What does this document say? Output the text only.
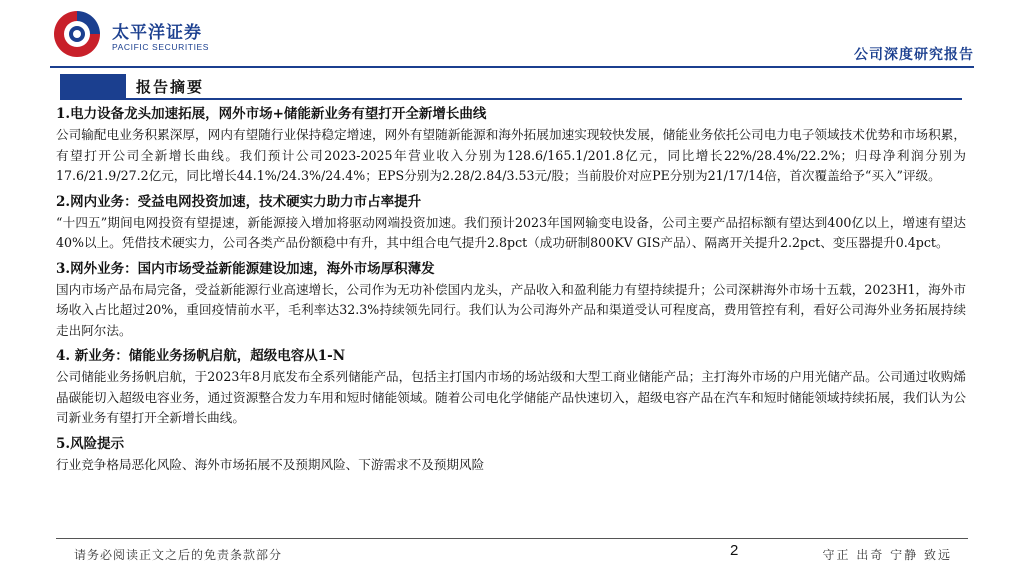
太平洋证券
PACIFIC SECURITIES	公司深度研究报告
报告摘要

1.电力设备龙头加速拓展，网外市场+储能新业务有望打开全新增长曲线

公司输配电业务积累深厚，网内有望随行业保持稳定增速，网外有望随新能源和海外拓展加速实现较快发展，储能业务依托公司电力电子领域技术优势和市场积累，有望打开公司全新增长曲线。我们预计公司2023-2025年营业收入分别为128.6/165.1/201.8亿元，同比增长22%/28.4%/22.2%；归母净利润分别为17.6/21.9/27.2亿元，同比增长44.1%/24.3%/24.4%；EPS分别为2.28/2.84/3.53元/股；当前股价对应PE分别为21/17/14倍，首次覆盖给予“买入”评级。

2.网内业务：受益电网投资加速，技术硬实力助力市占率提升

“十四五”期间电网投资有望提速，新能源接入增加将驱动网端投资加速。我们预计2023年国网输变电设备，公司主要产品招标额有望达到400亿以上，增速有望达40%以上。凭借技术硬实力，公司各类产品份额稳中有升，其中组合电气提升2.8pct（成功研制800KV GIS产品）、隔离开关提升2.2pct、变压器提升0.4pct。

3.网外业务：国内市场受益新能源建设加速，海外市场厚积薄发

国内市场产品布局完备，受益新能源行业高速增长，公司作为无功补偿国内龙头，产品收入和盈利能力有望持续提升；公司深耕海外市场十五载，2023H1，海外市场收入占比超过20%，重回疫情前水平，毛利率达32.3%持续领先同行。我们认为公司海外产品和渠道受认可程度高，费用管控有利，看好公司海外业务拓展持续走出阿尔法。

4. 新业务：储能业务扬帆启航，超级电容从1-N

公司储能业务扬帆启航，于2023年8月底发布全系列储能产品，包括主打国内市场的场站级和大型工商业储能产品；主打海外市场的户用光储产品。公司通过收购烯晶碳能切入超级电容业务，通过资源整合发力车用和短时储能领域。随着公司电化学储能产品快速切入，超级电容产品在汽车和短时储能领域持续拓展，我们认为公司新业务有望打开全新增长曲线。

5.风险提示

行业竞争格局恶化风险、海外市场拓展不及预期风险、下游需求不及预期风险

请务必阅读正文之后的免责条款部分	2	守正 出奇 宁静 致远
